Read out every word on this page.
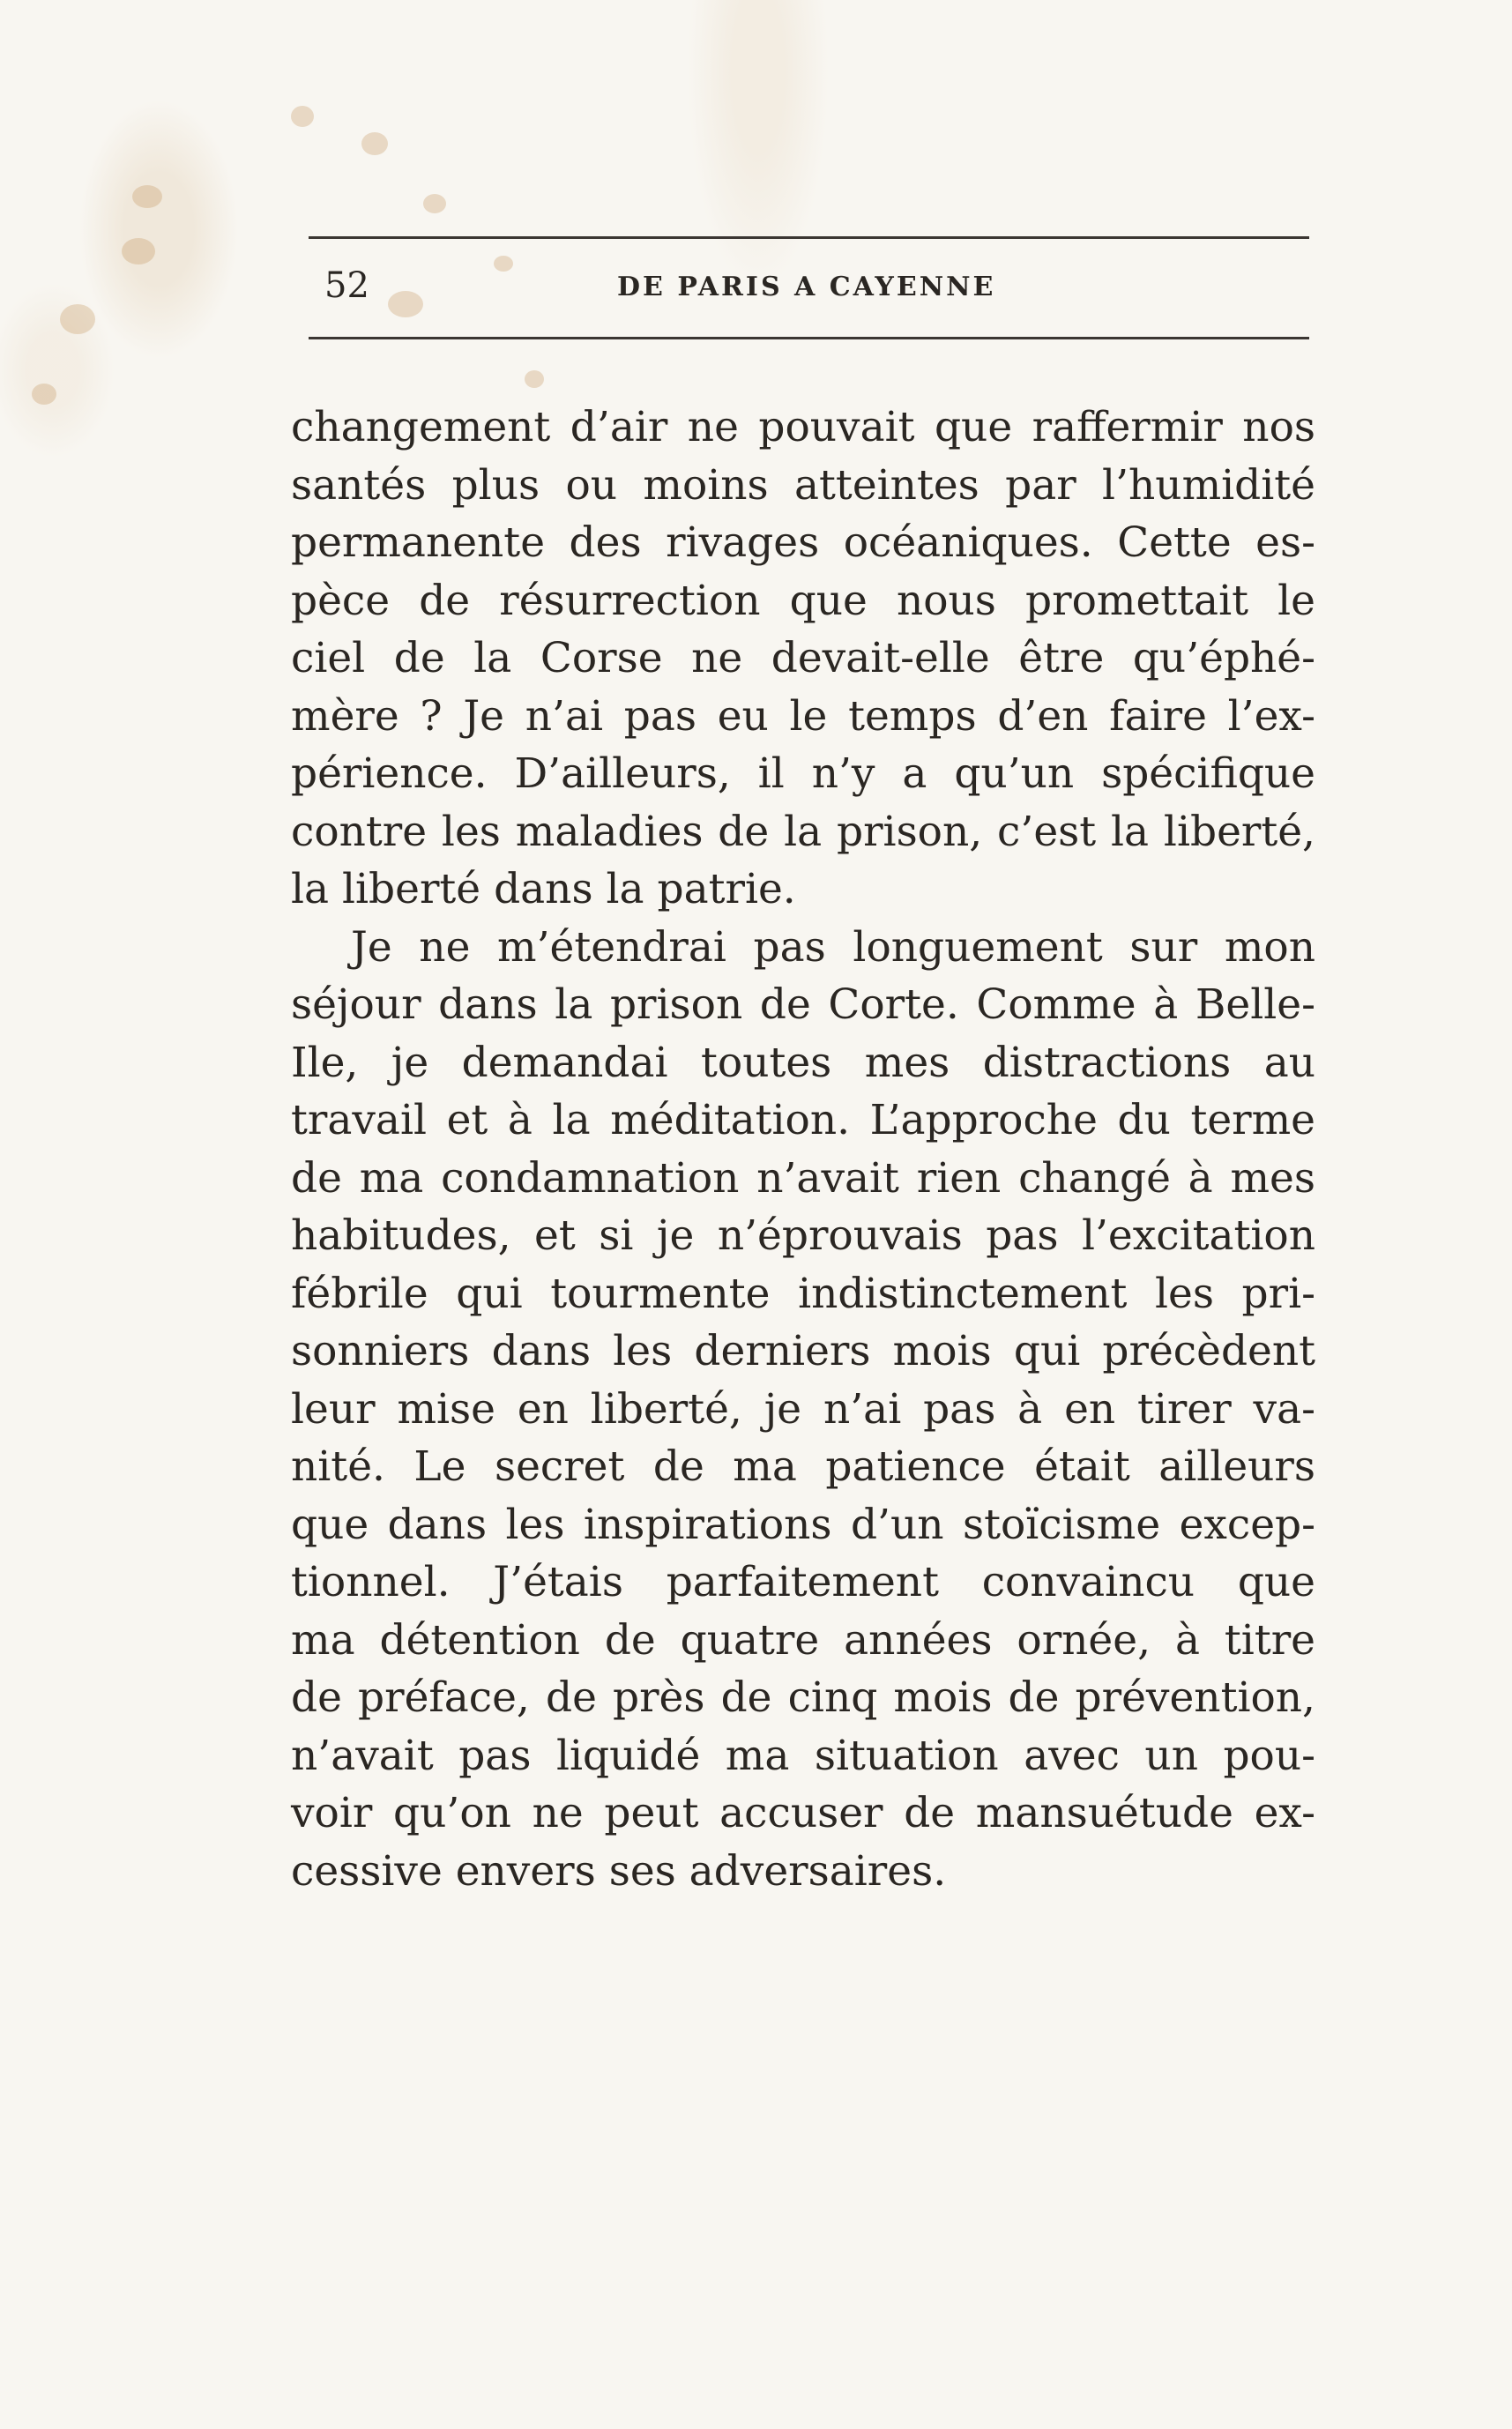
52	DE PARIS A CAYENNE
changement d’air ne pouvait que raffermir nos
santés plus ou moins atteintes par l’humidité
permanente des rivages océaniques. Cette es-
pèce de résurrection que nous promettait le
ciel de la Corse ne devait-elle être qu’éphé-
mère ? Je n’ai pas eu le temps d’en faire l’ex-
périence. D’ailleurs, il n’y a qu’un spécifique
contre les maladies de la prison, c’est la liberté,
la liberté dans la patrie.
Je ne m’étendrai pas longuement sur mon
séjour dans la prison de Corte. Comme à Belle-
Ile, je demandai toutes mes distractions au
travail et à la méditation. L’approche du terme
de ma condamnation n’avait rien changé à mes
habitudes, et si je n’éprouvais pas l’excitation
fébrile qui tourmente indistinctement les pri-
sonniers dans les derniers mois qui précèdent
leur mise en liberté, je n’ai pas à en tirer va-
nité. Le secret de ma patience était ailleurs
que dans les inspirations d’un stoïcisme excep-
tionnel. J’étais parfaitement convaincu que
ma détention de quatre années ornée, à titre
de préface, de près de cinq mois de prévention,
n’avait pas liquidé ma situation avec un pou-
voir qu’on ne peut accuser de mansuétude ex-
cessive envers ses adversaires.
